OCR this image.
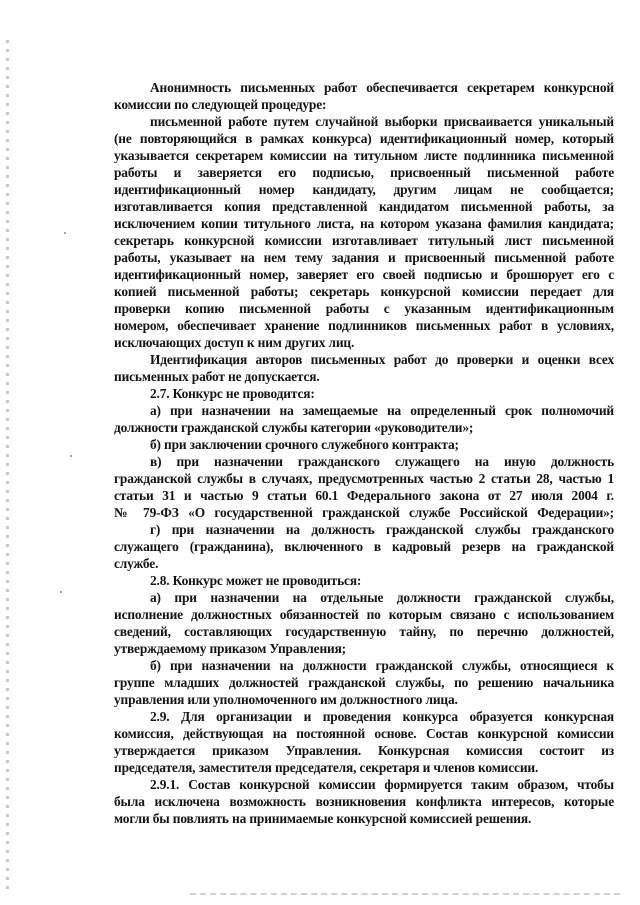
Анонимность письменных работ обеспечивается секретарем конкурсной
комиссии по следующей процедуре:
письменной работе путем случайной выборки присваивается уникальный
(не повторяющийся в рамках конкурса) идентификационный номер, который
указывается секретарем комиссии на титульном листе подлинника письменной
работы и заверяется его подписью, присвоенный письменной работе
идентификационный номер кандидату, другим лицам не сообщается;
изготавливается копия представленной кандидатом письменной работы, за
исключением копии титульного листа, на котором указана фамилия кандидата;
секретарь конкурсной комиссии изготавливает титульный лист письменной
работы, указывает на нем тему задания и присвоенный письменной работе
идентификационный номер, заверяет его своей подписью и брошюрует его с
копией письменной работы; секретарь конкурсной комиссии передает для
проверки копию письменной работы с указанным идентификационным
номером, обеспечивает хранение подлинников письменных работ в условиях,
исключающих доступ к ним других лиц.
Идентификация авторов письменных работ до проверки и оценки всех
письменных работ не допускается.
2.7. Конкурс не проводится:
а) при назначении на замещаемые на определенный срок полномочий
должности гражданской службы категории «руководители»;
б) при заключении срочного служебного контракта;
в) при назначении гражданского служащего на иную должность
гражданской службы в случаях, предусмотренных частью 2 статьи 28, частью 1
статьи 31 и частью 9 статьи 60.1 Федерального закона от 27 июля 2004 г.
№ 79-ФЗ «О государственной гражданской службе Российской Федерации»;
г) при назначении на должность гражданской службы гражданского
служащего (гражданина), включенного в кадровый резерв на гражданской
службе.
2.8. Конкурс может не проводиться:
а) при назначении на отдельные должности гражданской службы,
исполнение должностных обязанностей по которым связано с использованием
сведений, составляющих государственную тайну, по перечню должностей,
утверждаемому приказом Управления;
б) при назначении на должности гражданской службы, относящиеся к
группе младших должностей гражданской службы, по решению начальника
управления или уполномоченного им должностного лица.
2.9. Для организации и проведения конкурса образуется конкурсная
комиссия, действующая на постоянной основе. Состав конкурсной комиссии
утверждается приказом Управления. Конкурсная комиссия состоит из
председателя, заместителя председателя, секретаря и членов комиссии.
2.9.1. Состав конкурсной комиссии формируется таким образом, чтобы
была исключена возможность возникновения конфликта интересов, которые
могли бы повлиять на принимаемые конкурсной комиссией решения.
